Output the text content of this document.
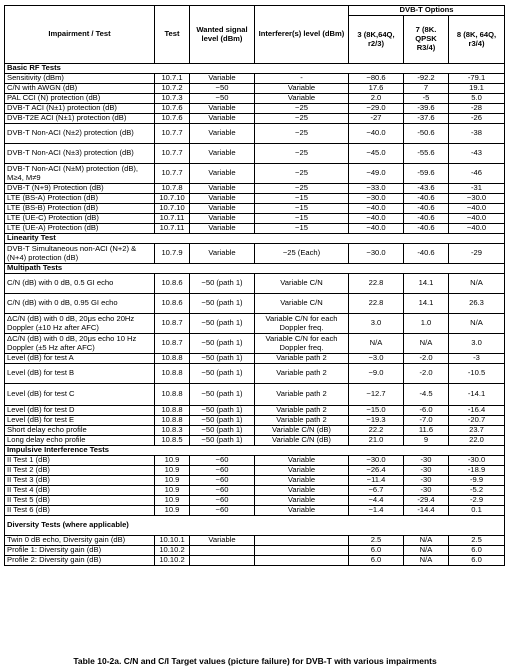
Impairment / Test	Test	Wanted signal level (dBm)	Interferer(s) level (dBm)	DVB-T Options		
				3 (8K,64Q, r2/3)	7 (8K. QPSK R3/4)	8 (8K, 64Q, r3/4)
Basic RF Tests						
Sensitivity (dBm)	10.7.1	Variable	-	−80.6	-92.2	-79.1
C/N with AWGN (dB)	10.7.2	−50	Variable	17.6	7	19.1
PAL CCI (N) protection (dB)	10.7.3	−50	Variable	2.0	-5	5.0
DVB-T ACI (N±1) protection (dB)	10.7.6	Variable	−25	−29.0	-39.6	-28
DVB-T2E ACI (N±1) protection (dB)	10.7.6	Variable	−25	-27	-37.6	-26
DVB-T Non-ACI (N±2) protection (dB)	10.7.7	Variable	−25	−40.0	-50.6	-38
DVB-T Non-ACI (N±3) protection (dB)	10.7.7	Variable	−25	−45.0	-55.6	-43
DVB-T Non-ACI (N±M) protection (dB), M≥4, M≠9	10.7.7	Variable	−25	−49.0	-59.6	-46
DVB-T (N+9) Protection (dB)	10.7.8	Variable	−25	−33.0	-43.6	-31
LTE (BS-A) Protection (dB)	10.7.10	Variable	−15	−30.0	-40.6	−30.0
LTE (BS-B) Protection (dB)	10.7.10	Variable	−15	−40.0	-40.6	−40.0
LTE (UE-C) Protection (dB)	10.7.11	Variable	−15	−40.0	-40.6	−40.0
LTE (UE-A) Protection (dB)	10.7.11	Variable	−15	−40.0	-40.6	−40.0
Linearity Test						
DVB-T Simultaneous non-ACI (N+2) & (N+4) protection (dB)	10.7.9	Variable	−25 (Each)	−30.0	-40.6	-29
Multipath Tests						
C/N (dB) with 0 dB, 0.5 GI echo	10.8.6	−50 (path 1)	Variable C/N	22.8	14.1	N/A
C/N (dB) with 0 dB, 0.95 GI echo	10.8.6	−50 (path 1)	Variable C/N	22.8	14.1	26.3
ΔC/N (dB) with 0 dB, 20μs echo 20Hz Doppler (±10 Hz after AFC)	10.8.7	−50 (path 1)	Variable C/N for each Doppler freq.	3.0	1.0	N/A
ΔC/N (dB) with 0 dB, 20μs echo 10 Hz Doppler (±5 Hz after AFC)	10.8.7	−50 (path 1)	Variable C/N for each Doppler freq.	N/A	N/A	3.0
Level (dB) for test A	10.8.8	−50 (path 1)	Variable path 2	−3.0	-2.0	-3
Level (dB) for test B	10.8.8	−50 (path 1)	Variable path 2	−9.0	-2.0	-10.5
Level (dB) for test C	10.8.8	−50 (path 1)	Variable path 2	−12.7	-4.5	-14.1
Level (dB) for test D	10.8.8	−50 (path 1)	Variable path 2	−15.0	-6.0	-16.4
Level (dB) for test E	10.8.8	−50 (path 1)	Variable path 2	−19.3	-7.0	-20.7
Short delay echo profile	10.8.3	−50 (path 1)	Variable C/N (dB)	22.2	11.6	23.7
Long delay echo profile	10.8.5	−50 (path 1)	Variable C/N (dB)	21.0	9	22.0
Impulsive Interference Tests						
II Test 1 (dB)	10.9	−60	Variable	−30.0	-30	-30.0
II Test 2 (dB)	10.9	−60	Variable	−26.4	-30	-18.9
II Test 3 (dB)	10.9	−60	Variable	−11.4	-30	-9.9
II Test 4 (dB)	10.9	−60	Variable	−6.7	-30	-5.2
II Test 5 (dB)	10.9	−60	Variable	−4.4	-29.4	-2.9
II Test 6 (dB)	10.9	−60	Variable	−1.4	-14.4	0.1
Diversity Tests (where applicable)						
Twin 0 dB echo, Diversity gain (dB)	10.10.1	Variable		2.5	N/A	2.5
Profile 1: Diversity gain (dB)	10.10.2			6.0	N/A	6.0
Profile 2: Diversity gain (dB)	10.10.2			6.0	N/A	6.0
Table 10-2a. C/N and C/I Target values (picture failure) for DVB-T with various impairments
